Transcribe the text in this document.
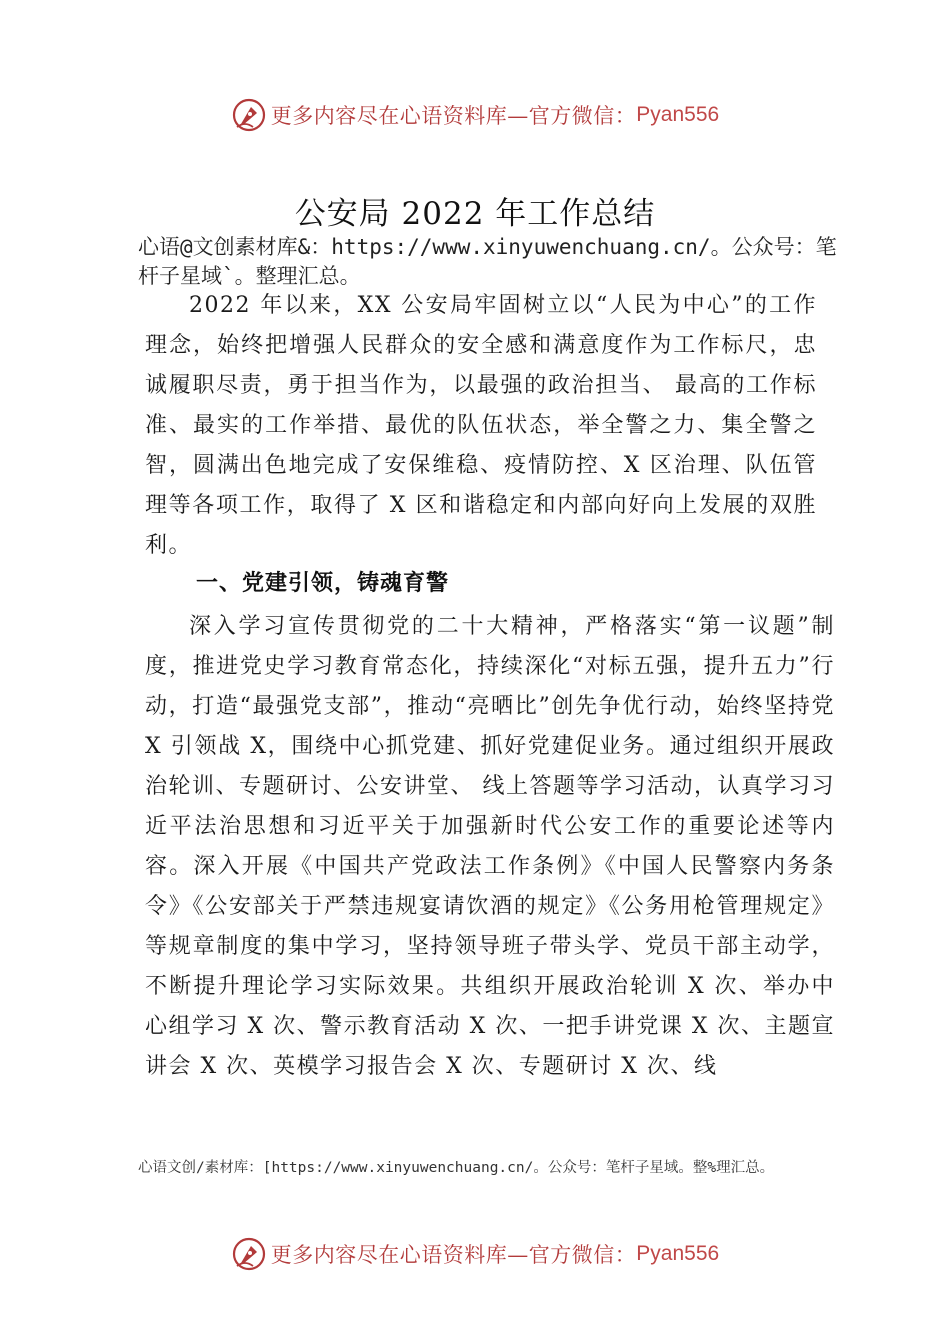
更多内容尽在心语资料库—官方微信： Pyan556
公安局 2022 年工作总结
心语@文创素材库&：https://www.xinyuwenchuang.cn/。公众号：笔杆子星域`。整理汇总。

2022 年以来，XX 公安局牢固树立以“人民为中心”的工作理念，始终把增强人民群众的安全感和满意度作为工作标尺，忠诚履职尽责，勇于担当作为，以最强的政治担当、 最高的工作标准、最实的工作举措、最优的队伍状态，举全警之力、集全警之智，圆满出色地完成了安保维稳、疫情防控、X 区治理、队伍管理等各项工作，取得了 X 区和谐稳定和内部向好向上发展的双胜利。

一、党建引领，铸魂育警

深入学习宣传贯彻党的二十大精神，严格落实“第一议题”制度，推进党史学习教育常态化，持续深化“对标五强，提升五力”行动，打造“最强党支部”，推动“亮晒比”创先争优行动，始终坚持党 X 引领战 X，围绕中心抓党建、抓好党建促业务。通过组织开展政治轮训、专题研讨、公安讲堂、 线上答题等学习活动，认真学习习近平法治思想和习近平关于加强新时代公安工作的重要论述等内容。深入开展《中国共产党政法工作条例》《中国人民警察内务条令》《公安部关于严禁违规宴请饮酒的规定》《公务用枪管理规定》等规章制度的集中学习，坚持领导班子带头学、党员干部主动学，不断提升理论学习实际效果。共组织开展政治轮训 X 次、举办中心组学习 X 次、警示教育活动 X 次、一把手讲党课 X 次、主题宣讲会 X 次、英模学习报告会 X 次、专题研讨 X 次、线

心语文创/素材库：[https://www.xinyuwenchuang.cn/。公众号：笔杆子星域。整%理汇总。
更多内容尽在心语资料库—官方微信： Pyan556
